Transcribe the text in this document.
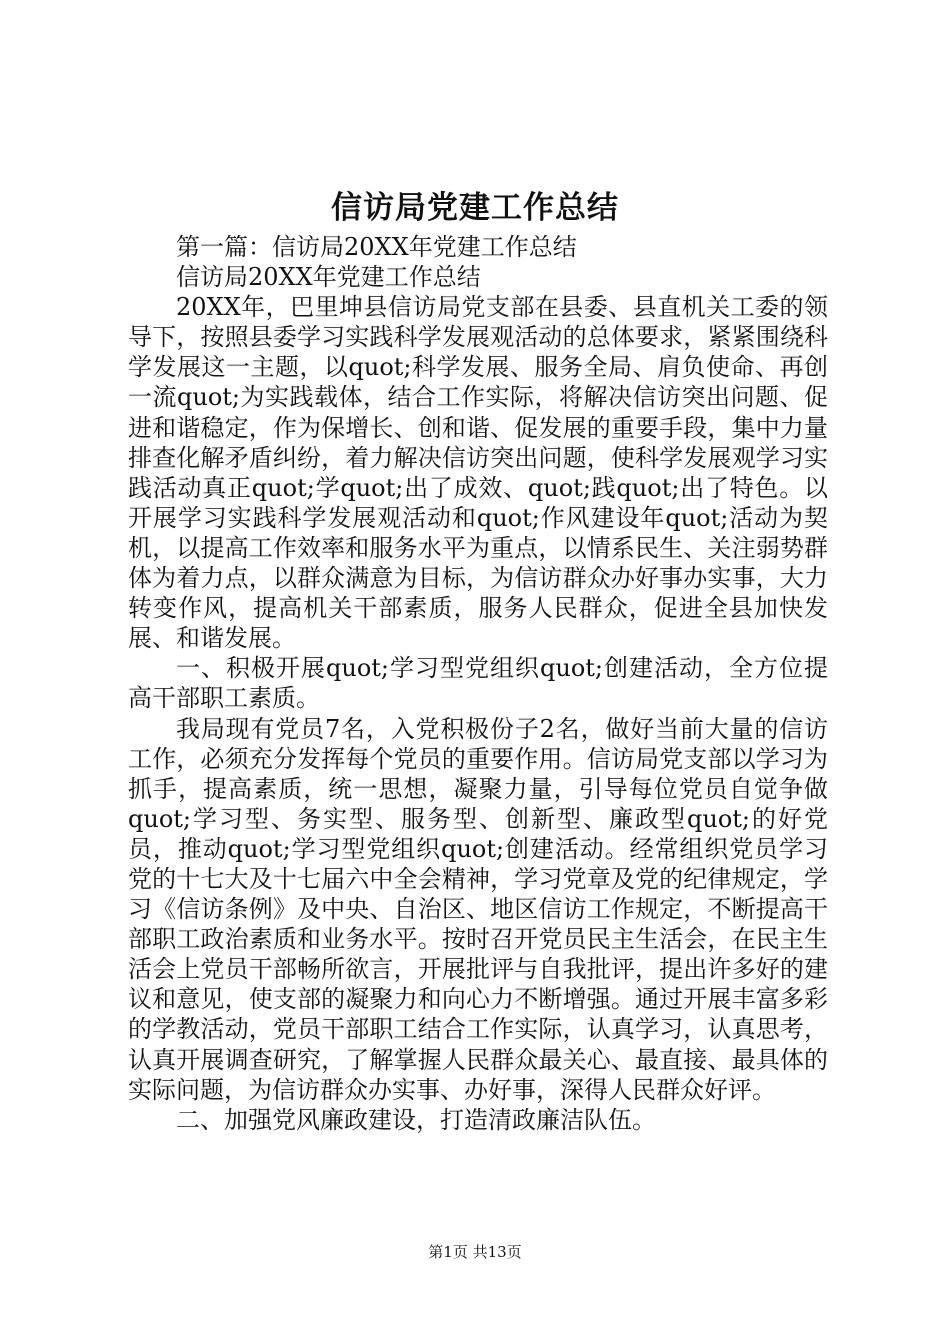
信访局党建工作总结

第一篇：信访局20XX年党建工作总结

信访局20XX年党建工作总结

20XX年，巴里坤县信访局党支部在县委、县直机关工委的领导下，按照县委学习实践科学发展观活动的总体要求，紧紧围绕科学发展这一主题，以quot;科学发展、服务全局、肩负使命、再创一流quot;为实践载体，结合工作实际，将解决信访突出问题、促进和谐稳定，作为保增长、创和谐、促发展的重要手段，集中力量排查化解矛盾纠纷，着力解决信访突出问题，使科学发展观学习实践活动真正quot;学quot;出了成效、quot;践quot;出了特色。以开展学习实践科学发展观活动和quot;作风建设年quot;活动为契机，以提高工作效率和服务水平为重点，以情系民生、关注弱势群体为着力点，以群众满意为目标，为信访群众办好事办实事，大力转变作风，提高机关干部素质，服务人民群众，促进全县加快发展、和谐发展。

一、积极开展quot;学习型党组织quot;创建活动，全方位提高干部职工素质。

我局现有党员7名，入党积极份子2名，做好当前大量的信访工作，必须充分发挥每个党员的重要作用。信访局党支部以学习为抓手，提高素质，统一思想，凝聚力量，引导每位党员自觉争做quot;学习型、务实型、服务型、创新型、廉政型quot;的好党员，推动quot;学习型党组织quot;创建活动。经常组织党员学习党的十七大及十七届六中全会精神，学习党章及党的纪律规定，学习《信访条例》及中央、自治区、地区信访工作规定，不断提高干部职工政治素质和业务水平。按时召开党员民主生活会，在民主生活会上党员干部畅所欲言，开展批评与自我批评，提出许多好的建议和意见，使支部的凝聚力和向心力不断增强。通过开展丰富多彩的学教活动，党员干部职工结合工作实际，认真学习，认真思考，认真开展调查研究，了解掌握人民群众最关心、最直接、最具体的实际问题，为信访群众办实事、办好事，深得人民群众好评。

二、加强党风廉政建设，打造清政廉洁队伍。

第1页 共13页
